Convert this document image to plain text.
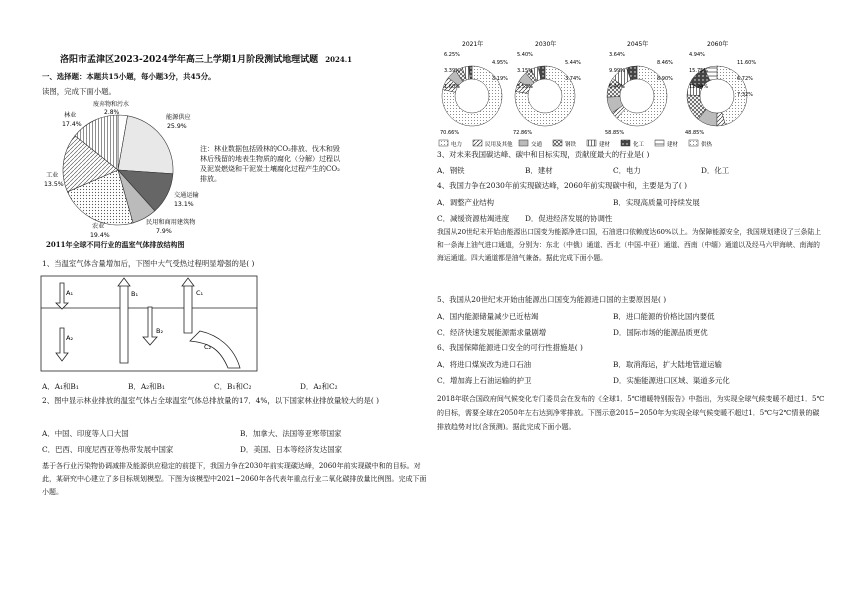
洛阳市孟津区2023-2024学年高三上学期1月阶段测试地理试题 2024.1
一、选择题：本题共15小题，每小题3分，共45分。
读图，完成下面小题。
废弃物和污水
2.8%
能源供应
25.9%
交通运输
13.1%
民用和商用建筑物
7.9%
农业
19.4%
工业
13.5%
林业
17.4%
注：林业数据包括毁林的CO₂排放、伐木和毁林后残留的地表生物质的腐化（分解）过程以及泥炭燃烧和干泥炭土壤腐化过程产生的CO₂排放。
2011年全球不同行业的温室气体排放结构图
1、当温室气体含量增加后，下图中大气受热过程明显增强的是( )
A₁
A₂
B₁
B₂
C₁
C₂
A．A₁和B₁	B．A₂和B₁	C．B₁和C₂	D．A₂和C₂
2、图中显示林业排放的温室气体占全球温室气体总排放量的17．4%，以下国家林业排放量较大的是( )
A．中国、印度等人口大国	B．加拿大、法国等亚寒带国家
C．巴西、印度尼西亚等热带发展中国家	D．美国、日本等经济发达国家
基于各行业污染物协调减排及能源供应稳定的前提下，我国力争在2030年前实现碳达峰，2060年前实现碳中和的目标。对此，某研究中心建立了多目标规划模型。下图为该模型中2021~2060年各代表年重点行业二氧化碳排放量比例图。完成下面小题。
2021年
6.25%
4.95%
3.39%
3.19%
1.60%
70.66%
2030年
5.40%
5.44%
3.15%
3.74%
3.52%
72.86%
2045年
3.64%
8.46%
9.99%
8.90%
5.46%
58.85%
2060年
4.94%
11.60%
15.75%
6.72%
12.24%
7.32%
48.85%
电力	民用及其他	交通	钢铁	建材	化工	建材	供热
3、对未来我国碳达峰、碳中和目标实现，贡献度最大的行业是( )
A．钢铁	B．建材	C．电力	D．化工
4、我国力争在2030年前实现碳达峰，2060年前实现碳中和，主要是为了( )
A．调整产业结构	B．实现高质量可持续发展
C．减缓资源枯竭进度 D．促进经济发展的协调性
我国从20世纪末开始由能源出口国变为能源净进口国，石油进口依赖度达60%以上。为保障能源安全，我国规划建设了三条陆上和一条海上油气进口通道，分别为：东北（中俄）通道、西北（中国-中亚）通道、西南（中缅）通道以及经马六甲海峡、南海的海运通道。四大通道都是油气兼备。据此完成下面小题。
5、我国从20世纪末开始由能源出口国变为能源进口国的主要原因是( )
A．国内能源储量减少已近枯竭	B．进口能源的价格比国内要低
C．经济快速发展能源需求量剧增	D．国际市场的能源品质更优
6、我国保障能源进口安全的可行性措施是( )
A．将进口煤炭改为进口石油	B．取消海运，扩大陆地管道运输
C．增加海上石油运输的护卫	D．实施能源进口区域、渠道多元化
2018年联合国政府间气候变化专门委员会在发布的《全球1．5℃增暖特别报告》中指出，为实现全球气候变暖不超过1．5℃的目标，需要全球在2050年左右达到净零排放。下图示意2015~2050年为实现全球气候变暖不超过1．5℃与2℃情景的碳排放趋势对比(含预测)。据此完成下面小题。
